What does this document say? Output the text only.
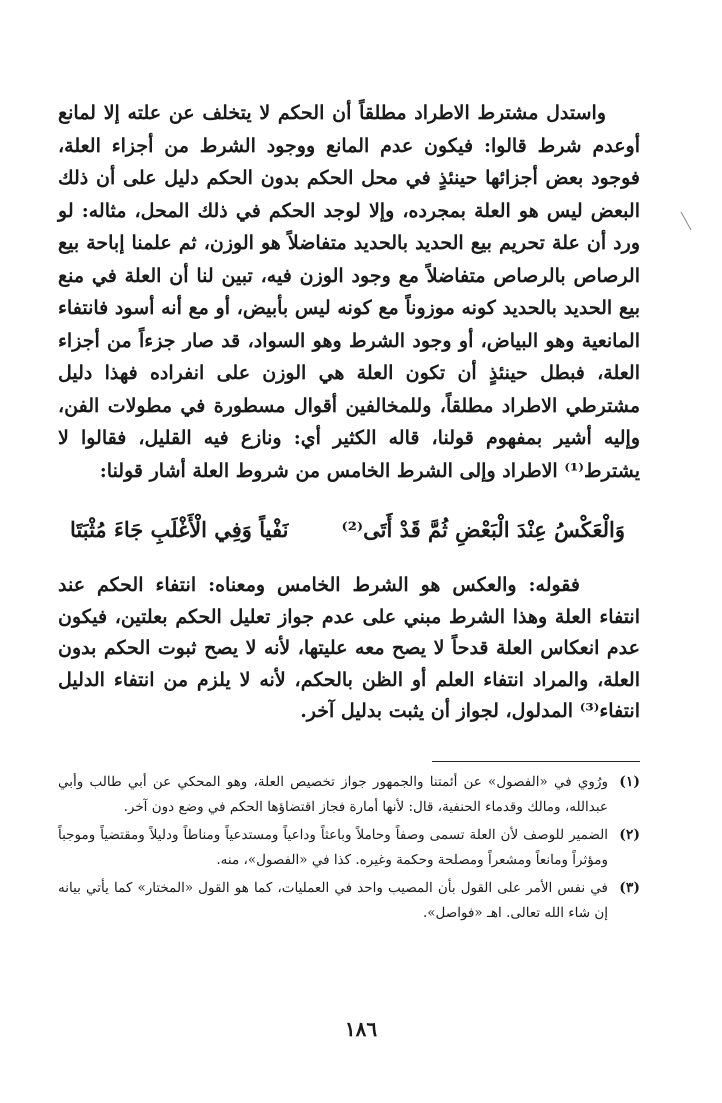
واستدل مشترط الاطراد مطلقاً أن الحكم لا يتخلف عن علته إلا لمانع أوعدم شرط قالوا: فيكون عدم المانع ووجود الشرط من أجزاء العلة، فوجود بعض أجزائها حينئذٍ في محل الحكم بدون الحكم دليل على أن ذلك البعض ليس هو العلة بمجرده، وإلا لوجد الحكم في ذلك المحل، مثاله: لو ورد أن علة تحريم بيع الحديد بالحديد متفاضلاً هو الوزن، ثم علمنا إباحة بيع الرصاص بالرصاص متفاضلاً مع وجود الوزن فيه، تبين لنا أن العلة في منع بيع الحديد بالحديد كونه موزوناً مع كونه ليس بأبيض، أو مع أنه أسود فانتفاء المانعية وهو البياض، أو وجود الشرط وهو السواد، قد صار جزءاً من أجزاء العلة، فبطل حينئذٍ أن تكون العلة هي الوزن على انفراده فهذا دليل مشترطي الاطراد مطلقاً، وللمخالفين أقوال مسطورة في مطولات الفن، وإليه أشير بمفهوم قولنا، قاله الكثير أي: ونازع فيه القليل، فقالوا لا يشترط⁽¹⁾ الاطراد وإلى الشرط الخامس من شروط العلة أشار قولنا:

وَالْعَكْسُ عِنْدَ الْبَعْضِ ثُمَّ قَدْ أَتَى⁽²⁾
نَفْياً وَفِي الْأَغْلَبِ جَاءَ مُثْبَتَا

فقوله: والعكس هو الشرط الخامس ومعناه: انتفاء الحكم عند انتفاء العلة وهذا الشرط مبني على عدم جواز تعليل الحكم بعلتين، فيكون عدم انعكاس العلة قدحاً لا يصح معه عليتها، لأنه لا يصح ثبوت الحكم بدون العلة، والمراد انتفاء العلم أو الظن بالحكم، لأنه لا يلزم من انتفاء الدليل انتفاء⁽³⁾ المدلول، لجواز أن يثبت بدليل آخر.

(١)
ورُوي في «الفصول» عن أئمتنا والجمهور جواز تخصيص العلة، وهو المحكي عن أبي طالب وأبي عبدالله، ومالك وقدماء الحنفية، قال: لأنها أمارة فجاز اقتضاؤها الحكم في وضع دون آخر.
(٢)
الضمير للوصف لأن العلة تسمى وصفاً وحاملاً وباعثاً وداعياً ومستدعياً ومناطاً ودليلاً ومقتضياً وموجباً ومؤثراً ومانعاً ومشعراً ومصلحة وحكمة وغيره. كذا في «الفصول»، منه.
(٣)
في نفس الأمر على القول بأن المصيب واحد في العمليات، كما هو القول «المختار» كما يأتي بيانه إن شاء الله تعالى. اهـ «فواصل».
١٨٦
